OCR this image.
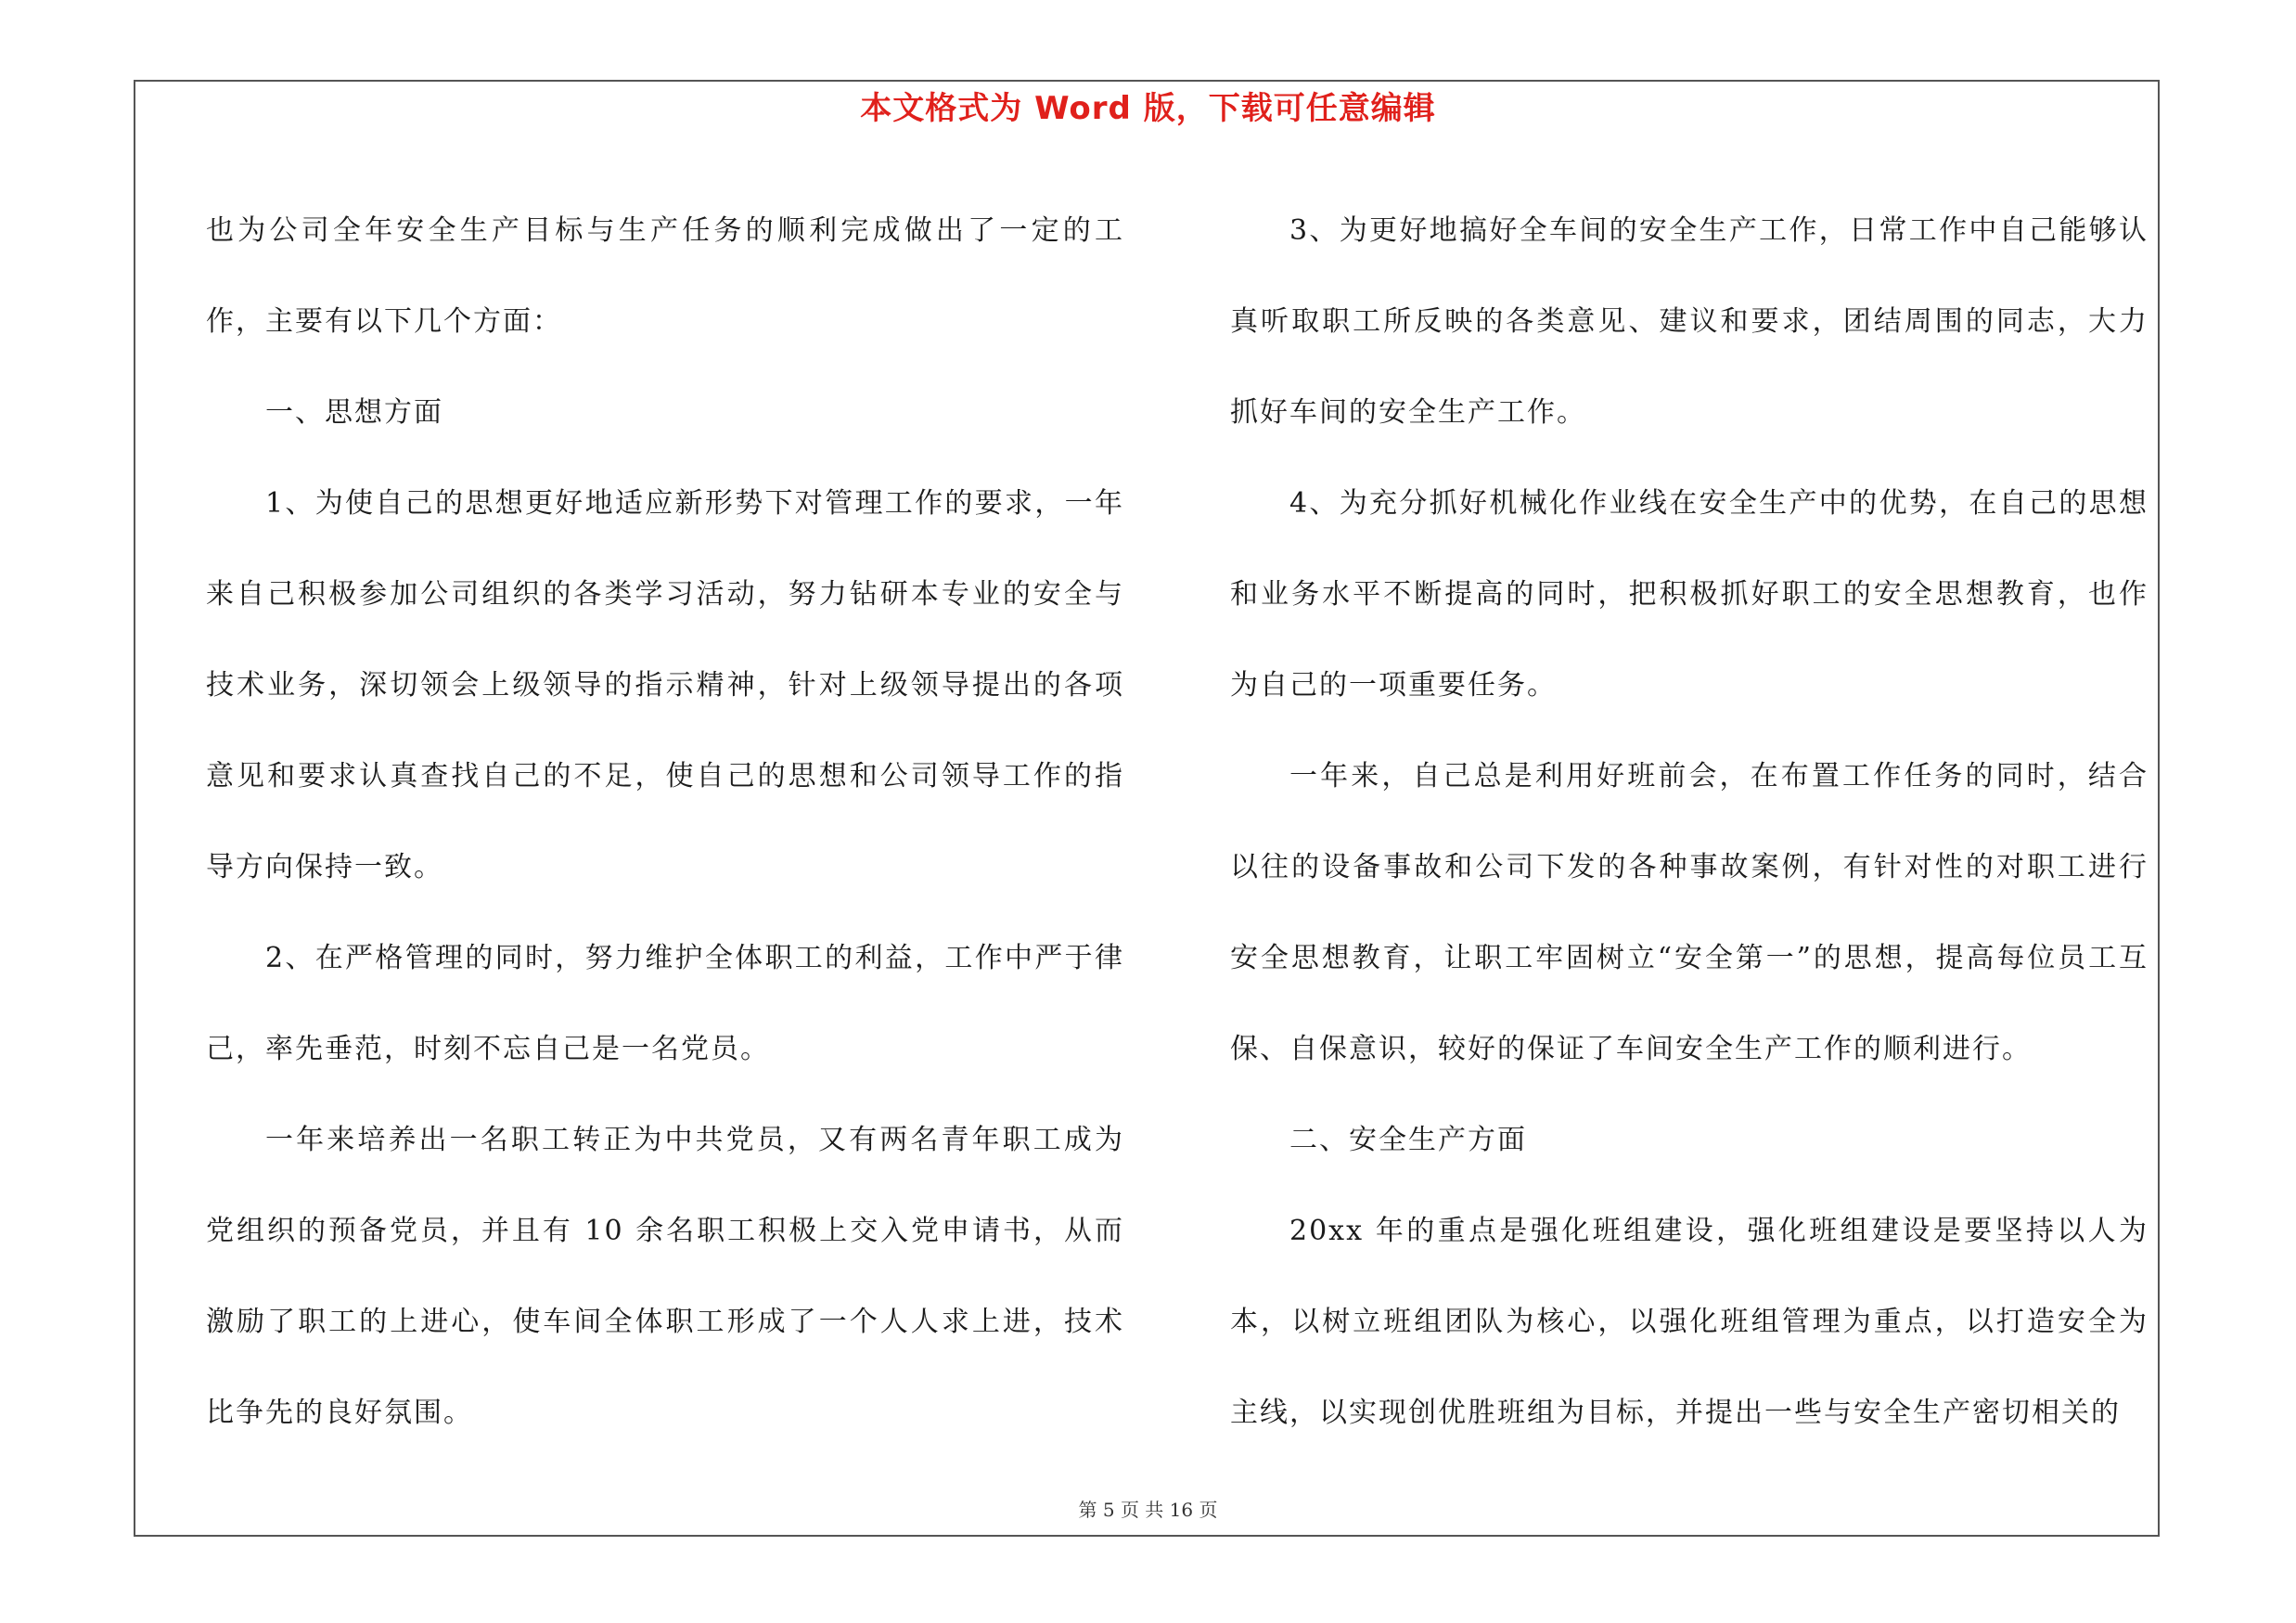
本文格式为 Word 版，下载可任意编辑

也为公司全年安全生产目标与生产任务的顺利完成做出了一定的工作，主要有以下几个方面：

一、思想方面

1、为使自己的思想更好地适应新形势下对管理工作的要求，一年来自己积极参加公司组织的各类学习活动，努力钻研本专业的安全与技术业务，深切领会上级领导的指示精神，针对上级领导提出的各项意见和要求认真查找自己的不足，使自己的思想和公司领导工作的指导方向保持一致。

2、在严格管理的同时，努力维护全体职工的利益，工作中严于律己，率先垂范，时刻不忘自己是一名党员。

一年来培养出一名职工转正为中共党员，又有两名青年职工成为党组织的预备党员，并且有 10 余名职工积极上交入党申请书，从而激励了职工的上进心，使车间全体职工形成了一个人人求上进，技术比争先的良好氛围。

3、为更好地搞好全车间的安全生产工作，日常工作中自己能够认真听取职工所反映的各类意见、建议和要求，团结周围的同志，大力抓好车间的安全生产工作。

4、为充分抓好机械化作业线在安全生产中的优势，在自己的思想和业务水平不断提高的同时，把积极抓好职工的安全思想教育，也作为自己的一项重要任务。

一年来，自己总是利用好班前会，在布置工作任务的同时，结合以往的设备事故和公司下发的各种事故案例，有针对性的对职工进行安全思想教育，让职工牢固树立“安全第一”的思想，提高每位员工互保、自保意识，较好的保证了车间安全生产工作的顺利进行。

二、安全生产方面

20xx 年的重点是强化班组建设，强化班组建设是要坚持以人为本，以树立班组团队为核心，以强化班组管理为重点，以打造安全为主线，以实现创优胜班组为目标，并提出一些与安全生产密切相关的

第 5 页 共 16 页
